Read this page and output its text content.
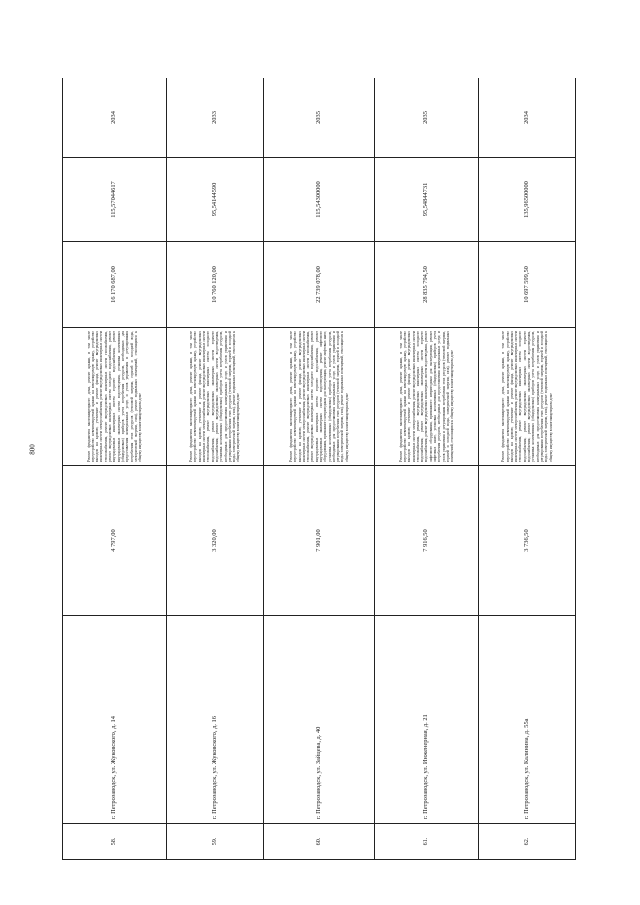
800
58.	г. Петрозаводск, ул. Жуковского, д. 14	4 797,00	Ремонт фундамента многоквартирного дома, ремонт крыши, в том числе переустройство невентилируемой крыши на вентилируемую крышу, устройство выходов на кровлю, утепление и ремонт фасада, ремонт внутридомовых инженерных систем электроснабжения, ремонт внутридомовых инженерных систем теплоснабжения, ремонт внутридомовых инженерных систем газоснабжения, ремонт внутридомовых инженерных систем холодного водоснабжения, ремонт внутридомовых инженерных систем горячего водоснабжения, ремонт внутридомовых инженерных систем водоотведения, установка коллективных (общедомовых) приборов учета потребления ресурсов, необходимых для предоставления коммунальных услуг, и узлов управления и регулирования потребления этих ресурсов (тепловой энергии, горячей и холодной воды, электрической энергии, газа), ремонт подвальных помещений, относящихся к общему имуществу в многоквартирном доме	16 170 687,00	115,57044617	2034
59.	г. Петрозаводск, ул. Жуковского, д. 16	3 320,00	Ремонт фундамента многоквартирного дома, ремонт крыши, в том числе переустройство невентилируемой крыши на вентилируемую крышу, устройство выходов на кровлю, утепление и ремонт фасада, ремонт внутридомовых инженерных систем электроснабжения, ремонт внутридомовых инженерных систем теплоснабжения, ремонт внутридомовых инженерных систем холодного водоснабжения, ремонт внутридомовых инженерных систем горячего водоснабжения, ремонт внутридомовых инженерных систем водоотведения, установка коллективных (общедомовых) приборов учета потребления ресурсов, необходимых для предоставления коммунальных услуг, и узлов управления и регулирования потребления этих ресурсов (тепловой энергии, горячей и холодной воды, электрической энергии, газа), ремонт подвальных помещений, относящихся к общему имуществу в многоквартирном доме	10 760 120,00	95,54144590	2033
60.	г. Петрозаводск, ул. Зайцева, д. 40	7 901,00	Ремонт фундамента многоквартирного дома, ремонт крыши, в том числе переустройство невентилируемой крыши на вентилируемую крышу, устройство выходов на кровлю, утепление и ремонт фасада, ремонт внутридомовых инженерных систем электроснабжения, ремонт внутридомовых инженерных систем теплоснабжения, ремонт внутридомовых инженерных систем газоснабжения, ремонт внутридомовых инженерных систем холодного водоснабжения, ремонт внутридомовых инженерных систем горячего водоснабжения, ремонт внутридомовых инженерных систем водоотведения, ремонт лифтового оборудования, признанного непригодным для эксплуатации, ремонт лифтовых шахт, установка коллективных (общедомовых) приборов учета потребления ресурсов, необходимых для предоставления коммунальных услуг, и узлов управления и регулирования потребления этих ресурсов (тепловой энергии, горячей и холодной воды, электрической энергии, газа), ремонт подвальных помещений, относящихся к общему имуществу в многоквартирном доме	22 739 078,00	115,54300000	2035
61.	г. Петрозаводск, ул. Инженерная, д. 21	7 916,50	Ремонт фундамента многоквартирного дома, ремонт крыши, в том числе переустройство невентилируемой крыши на вентилируемую крышу, устройство выходов на кровлю, утепление и ремонт фасада, ремонт внутридомовых инженерных систем электроснабжения, ремонт внутридомовых инженерных систем теплоснабжения, ремонт внутридомовых инженерных систем холодного водоснабжения, ремонт внутридомовых инженерных систем горячего водоснабжения, ремонт внутридомовых инженерных систем водоотведения, ремонт лифтового оборудования, признанного непригодным для эксплуатации, ремонт лифтовых шахт, установка коллективных (общедомовых) приборов учета потребления ресурсов, необходимых для предоставления коммунальных услуг, и узлов управления и регулирования потребления этих ресурсов (тепловой энергии, горячей и холодной воды, электрической энергии, газа), ремонт подвальных помещений, относящихся к общему имуществу в многоквартирном доме	28 835 794,50	95,54844731	2035
62.	г. Петрозаводск, ул. Калинина, д. 55а	3 736,50	Ремонт фундамента многоквартирного дома, ремонт крыши, в том числе переустройство невентилируемой крыши на вентилируемую крышу, устройство выходов на кровлю, утепление и ремонт фасада, ремонт внутридомовых инженерных систем электроснабжения, ремонт внутридомовых инженерных систем теплоснабжения, ремонт внутридомовых инженерных систем холодного водоснабжения, ремонт внутридомовых инженерных систем горячего водоснабжения, ремонт внутридомовых инженерных систем водоотведения, установка коллективных (общедомовых) приборов учета потребления ресурсов, необходимых для предоставления коммунальных услуг, и узлов управления и регулирования потребления этих ресурсов (тепловой энергии, горячей и холодной воды, электрической энергии, газа), ремонт подвальных помещений, относящихся к общему имуществу в многоквартирном доме	10 697 599,50	135,96500000	2034
